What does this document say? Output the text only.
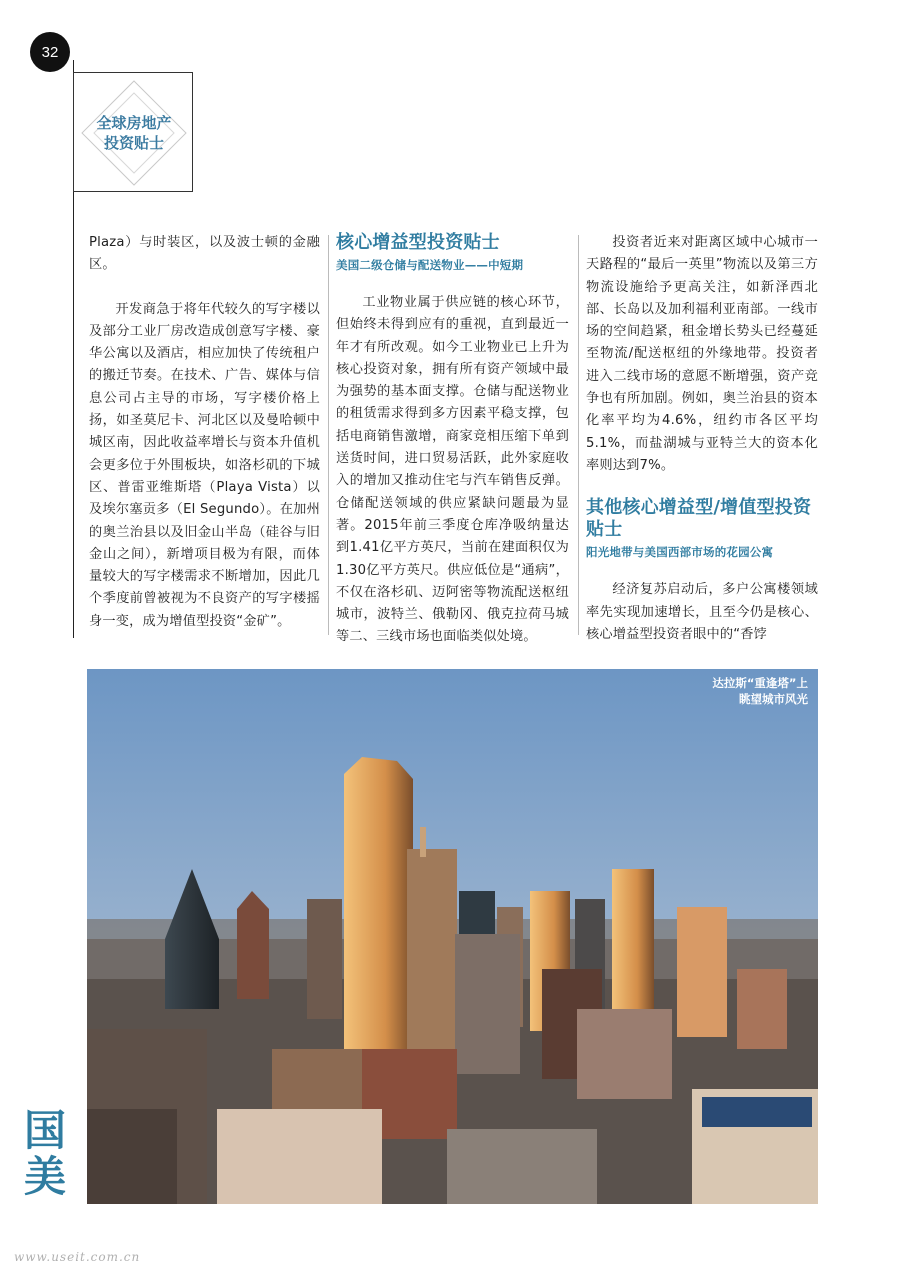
32
全球房地产
投资贴士

Plaza）与时装区，以及波士顿的金融区。

开发商急于将年代较久的写字楼以及部分工业厂房改造成创意写字楼、豪华公寓以及酒店，相应加快了传统租户的搬迁节奏。在技术、广告、媒体与信息公司占主导的市场，写字楼价格上扬，如圣莫尼卡、河北区以及曼哈顿中城区南，因此收益率增长与资本升值机会更多位于外围板块，如洛杉矶的下城区、普雷亚维斯塔（Playa Vista）以及埃尔塞贡多（El Segundo）。在加州的奥兰治县以及旧金山半岛（硅谷与旧金山之间），新增项目极为有限，而体量较大的写字楼需求不断增加，因此几个季度前曾被视为不良资产的写字楼摇身一变，成为增值型投资“金矿”。

核心增益型投资贴士
美国二级仓储与配送物业——中短期

工业物业属于供应链的核心环节，但始终未得到应有的重视，直到最近一年才有所改观。如今工业物业已上升为核心投资对象，拥有所有资产领域中最为强势的基本面支撑。仓储与配送物业的租赁需求得到多方因素平稳支撑，包括电商销售激增，商家竞相压缩下单到送货时间，进口贸易活跃，此外家庭收入的增加又推动住宅与汽车销售反弹。仓储配送领域的供应紧缺问题最为显著。2015年前三季度仓库净吸纳量达到1.41亿平方英尺，当前在建面积仅为1.30亿平方英尺。供应低位是“通病”，不仅在洛杉矶、迈阿密等物流配送枢纽城市，波特兰、俄勒冈、俄克拉荷马城等二、三线市场也面临类似处境。

投资者近来对距离区域中心城市一天路程的“最后一英里”物流以及第三方物流设施给予更高关注，如新泽西北部、长岛以及加利福利亚南部。一线市场的空间趋紧，租金增长势头已经蔓延至物流/配送枢纽的外缘地带。投资者进入二线市场的意愿不断增强，资产竞争也有所加剧。例如，奥兰治县的资本化率平均为4.6%，纽约市各区平均5.1%，而盐湖城与亚特兰大的资本化率则达到7%。

其他核心增益型/增值型投资贴士
阳光地带与美国西部市场的花园公寓

经济复苏启动后，多户公寓楼领域率先实现加速增长，且至今仍是核心、核心增益型投资者眼中的“香饽

达拉斯“重逢塔”上
眺望城市风光
国
美
www.useit.com.cn
